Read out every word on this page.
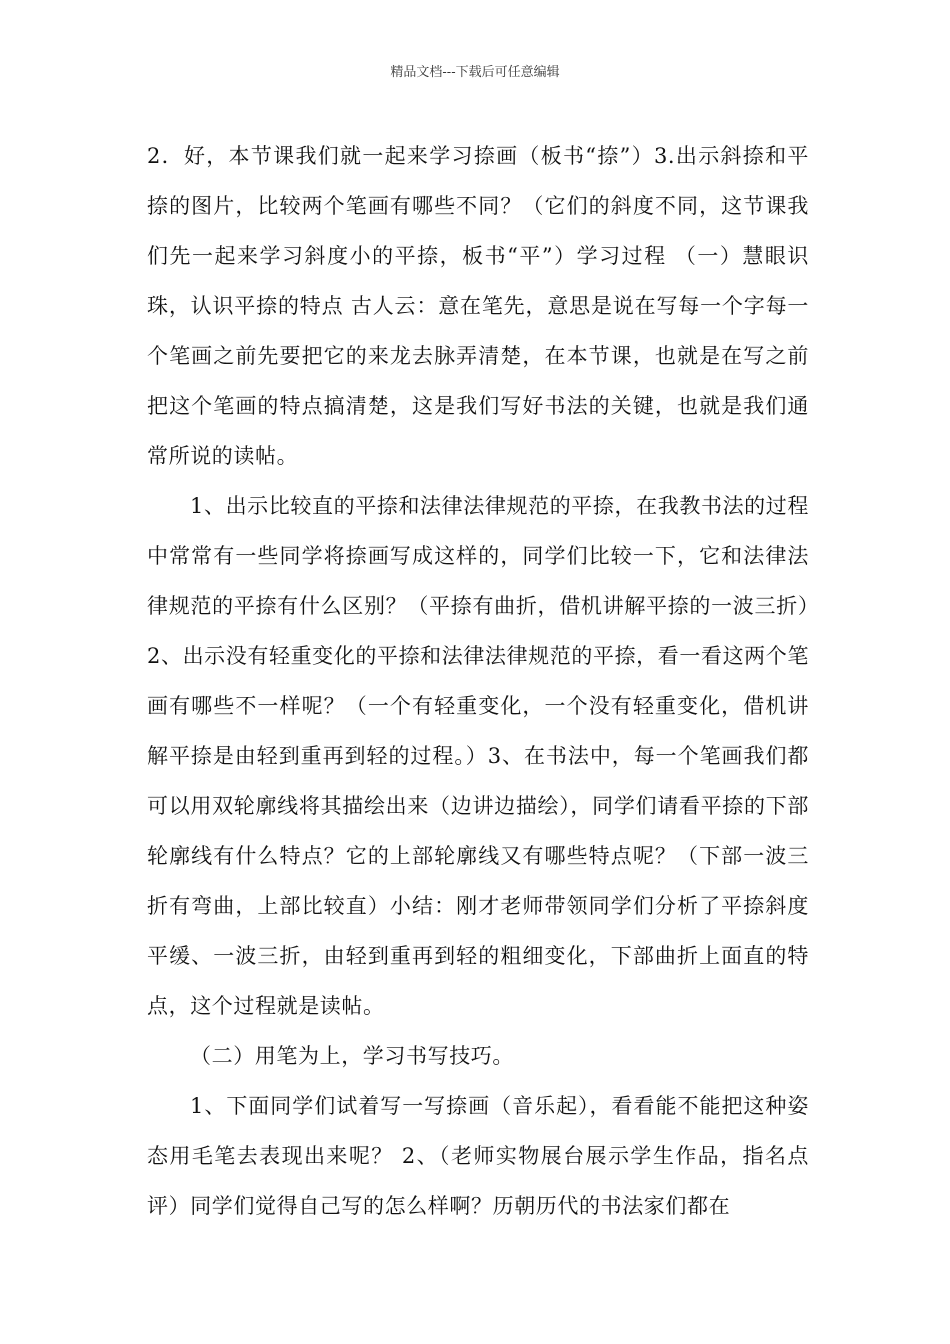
精品文档---下载后可任意编辑

2．好，本节课我们就一起来学习捺画（板书“捺”）3.出示斜捺和平捺的图片，比较两个笔画有哪些不同？（它们的斜度不同，这节课我们先一起来学习斜度小的平捺，板书“平”）学习过程 （一）慧眼识珠，认识平捺的特点 古人云：意在笔先，意思是说在写每一个字每一个笔画之前先要把它的来龙去脉弄清楚，在本节课，也就是在写之前把这个笔画的特点搞清楚，这是我们写好书法的关键，也就是我们通常所说的读帖。

1、出示比较直的平捺和法律法律规范的平捺，在我教书法的过程中常常有一些同学将捺画写成这样的，同学们比较一下，它和法律法律规范的平捺有什么区别？（平捺有曲折，借机讲解平捺的一波三折）2、出示没有轻重变化的平捺和法律法律规范的平捺，看一看这两个笔画有哪些不一样呢？（一个有轻重变化，一个没有轻重变化，借机讲解平捺是由轻到重再到轻的过程。）3、在书法中，每一个笔画我们都可以用双轮廓线将其描绘出来（边讲边描绘），同学们请看平捺的下部轮廓线有什么特点？它的上部轮廓线又有哪些特点呢？（下部一波三折有弯曲，上部比较直）小结：刚才老师带领同学们分析了平捺斜度平缓、一波三折，由轻到重再到轻的粗细变化，下部曲折上面直的特点，这个过程就是读帖。

（二）用笔为上，学习书写技巧。

1、下面同学们试着写一写捺画（音乐起），看看能不能把这种姿态用毛笔去表现出来呢？ 2、（老师实物展台展示学生作品，指名点评）同学们觉得自己写的怎么样啊？历朝历代的书法家们都在
